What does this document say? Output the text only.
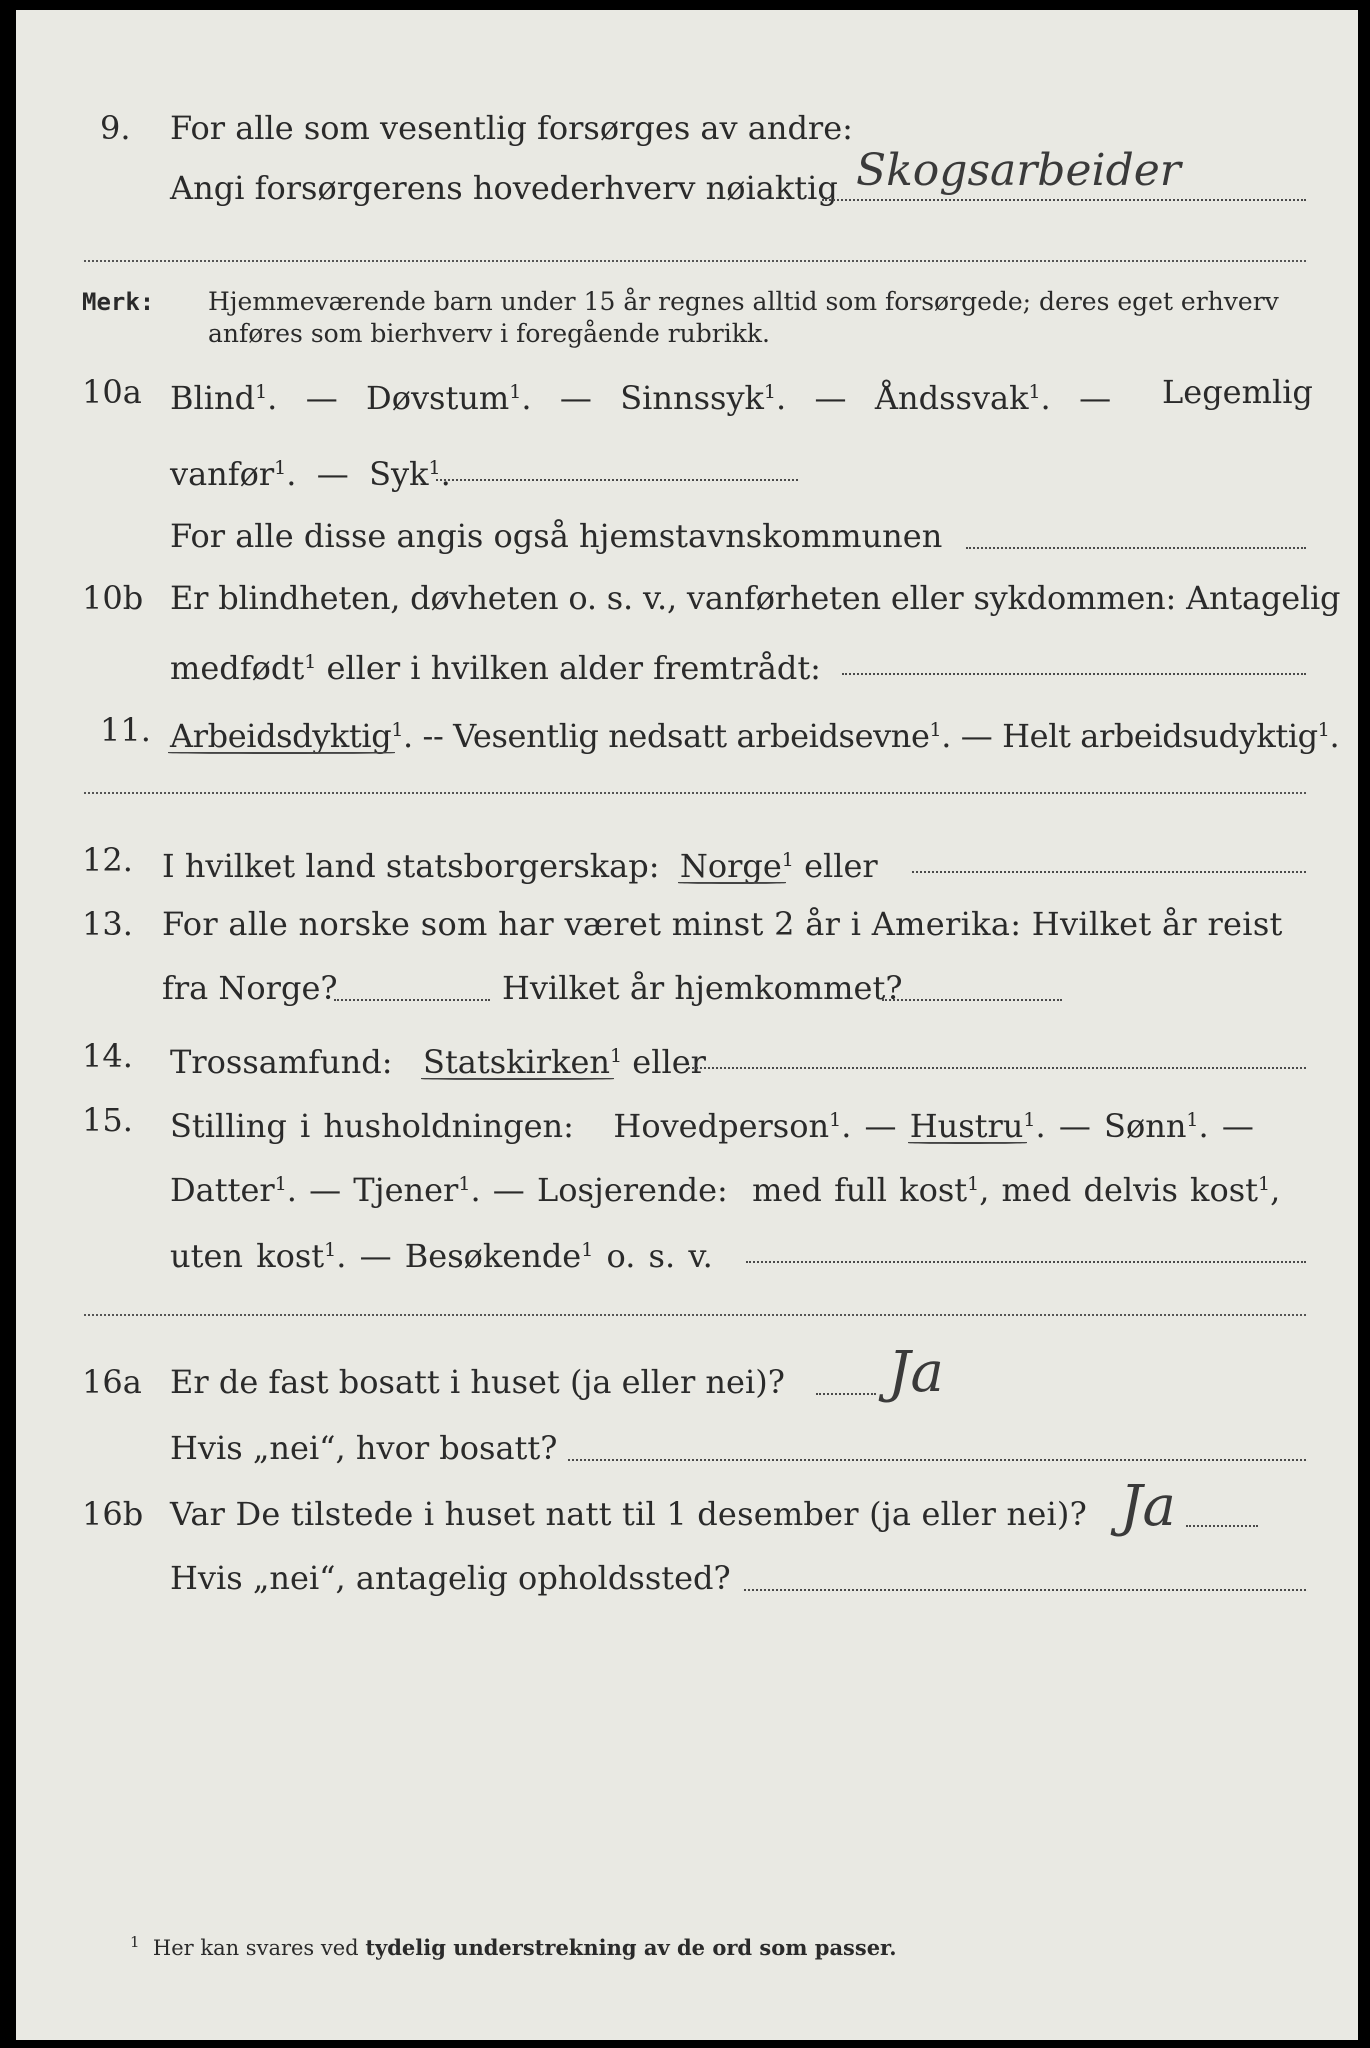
9. For alle som vesentlig forsørges av andre:
Angi forsørgerens hovederhverv nøiaktig Skogsarbeider
Merk: Hjemmeværende barn under 15 år regnes alltid som forsørgede; deres eget erhverv
anføres som bierhverv i foregående rubrikk.
10a Blind$^1$. — Døvstum$^1$. — Sinnssyk$^1$. — Åndssvak$^1$. — Legemlig
vanfør$^1$. — Syk$^1$.
For alle disse angis også hjemstavnskommunen
10b Er blindheten, døvheten o. s. v., vanførheten eller sykdommen: Antagelig
medfødt$^1$ eller i hvilken alder fremtrådt:
11. Arbeidsdyktig$^1$. -- Vesentlig nedsatt arbeidsevne$^1$. — Helt arbeidsudyktig$^1$.
12. I hvilket land statsborgerskap: Norge$^1$ eller
13. For alle norske som har været minst 2 år i Amerika: Hvilket år reist
fra Norge?	Hvilket år hjemkommet?
14. Trossamfund: Statskirken$^1$ eller
15. Stilling i husholdningen: Hovedperson$^1$. — Hustru$^1$. — Sønn$^1$. —
Datter$^1$. — Tjener$^1$. — Losjerende: med full kost$^1$, med delvis kost$^1$,
uten kost$^1$. — Besøkende$^1$ o. s. v.
16a Er de fast bosatt i huset (ja eller nei)? Ja
Hvis „nei“, hvor bosatt?
16b Var De tilstede i huset natt til 1 desember (ja eller nei)? Ja
Hvis „nei“, antagelig opholdssted?
$^1$ Her kan svares ved tydelig understrekning av de ord som passer.
